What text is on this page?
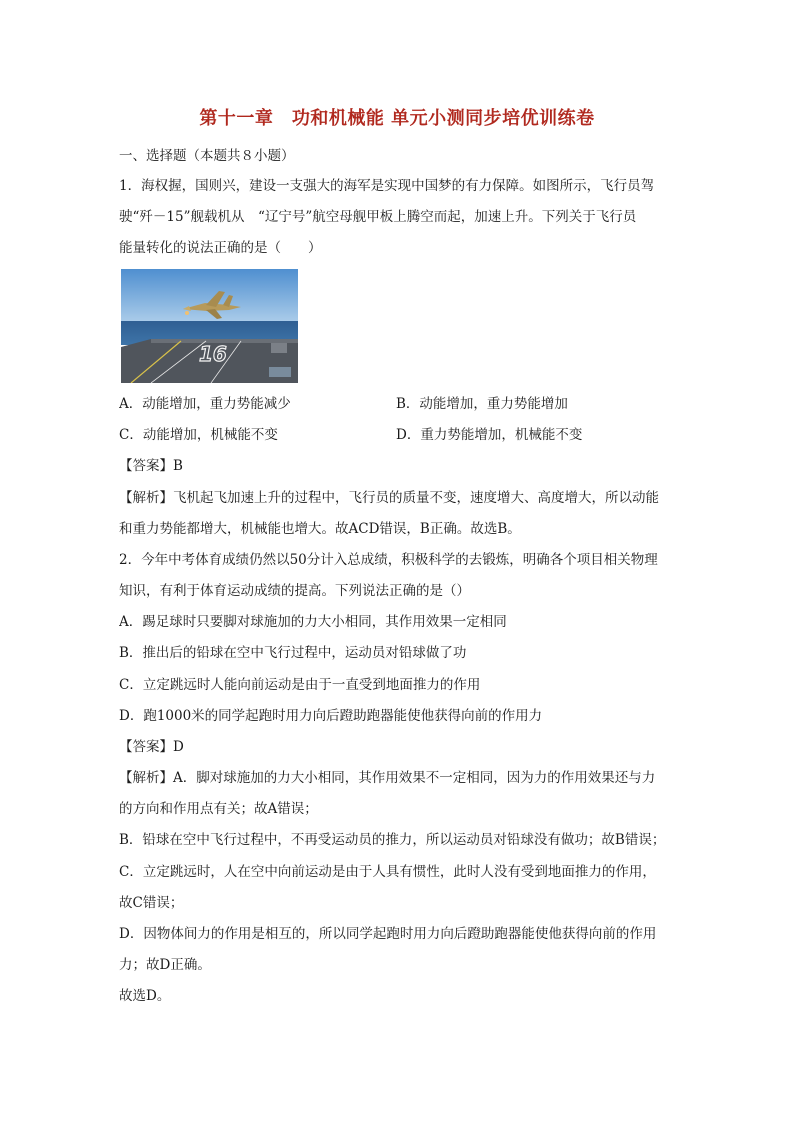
第十一章　功和机械能 单元小测同步培优训练卷
一、选择题（本题共８小题）
1．海权握，国则兴，建设一支强大的海军是实现中国梦的有力保障。如图所示，飞行员驾
驶“歼－15”舰载机从　“辽宁号”航空母舰甲板上腾空而起，加速上升。下列关于飞行员
能量转化的说法正确的是（　　）
16
A．动能增加，重力势能减少	B．动能增加，重力势能增加
C．动能增加，机械能不变	D．重力势能增加，机械能不变
【答案】B
【解析】飞机起飞加速上升的过程中，飞行员的质量不变，速度增大、高度增大，所以动能
和重力势能都增大，机械能也增大。故ACD错误，B正确。故选B。
2．今年中考体育成绩仍然以50分计入总成绩，积极科学的去锻炼，明确各个项目相关物理
知识，有利于体育运动成绩的提高。下列说法正确的是（）
A．踢足球时只要脚对球施加的力大小相同，其作用效果一定相同
B．推出后的铅球在空中飞行过程中，运动员对铅球做了功
C．立定跳远时人能向前运动是由于一直受到地面推力的作用
D．跑1000米的同学起跑时用力向后蹬助跑器能使他获得向前的作用力
【答案】D
【解析】A．脚对球施加的力大小相同，其作用效果不一定相同，因为力的作用效果还与力
的方向和作用点有关；故A错误；
B．铅球在空中飞行过程中，不再受运动员的推力，所以运动员对铅球没有做功；故B错误；
C．立定跳远时，人在空中向前运动是由于人具有惯性，此时人没有受到地面推力的作用，
故C错误；
D．因物体间力的作用是相互的，所以同学起跑时用力向后蹬助跑器能使他获得向前的作用
力；故D正确。
故选D。
